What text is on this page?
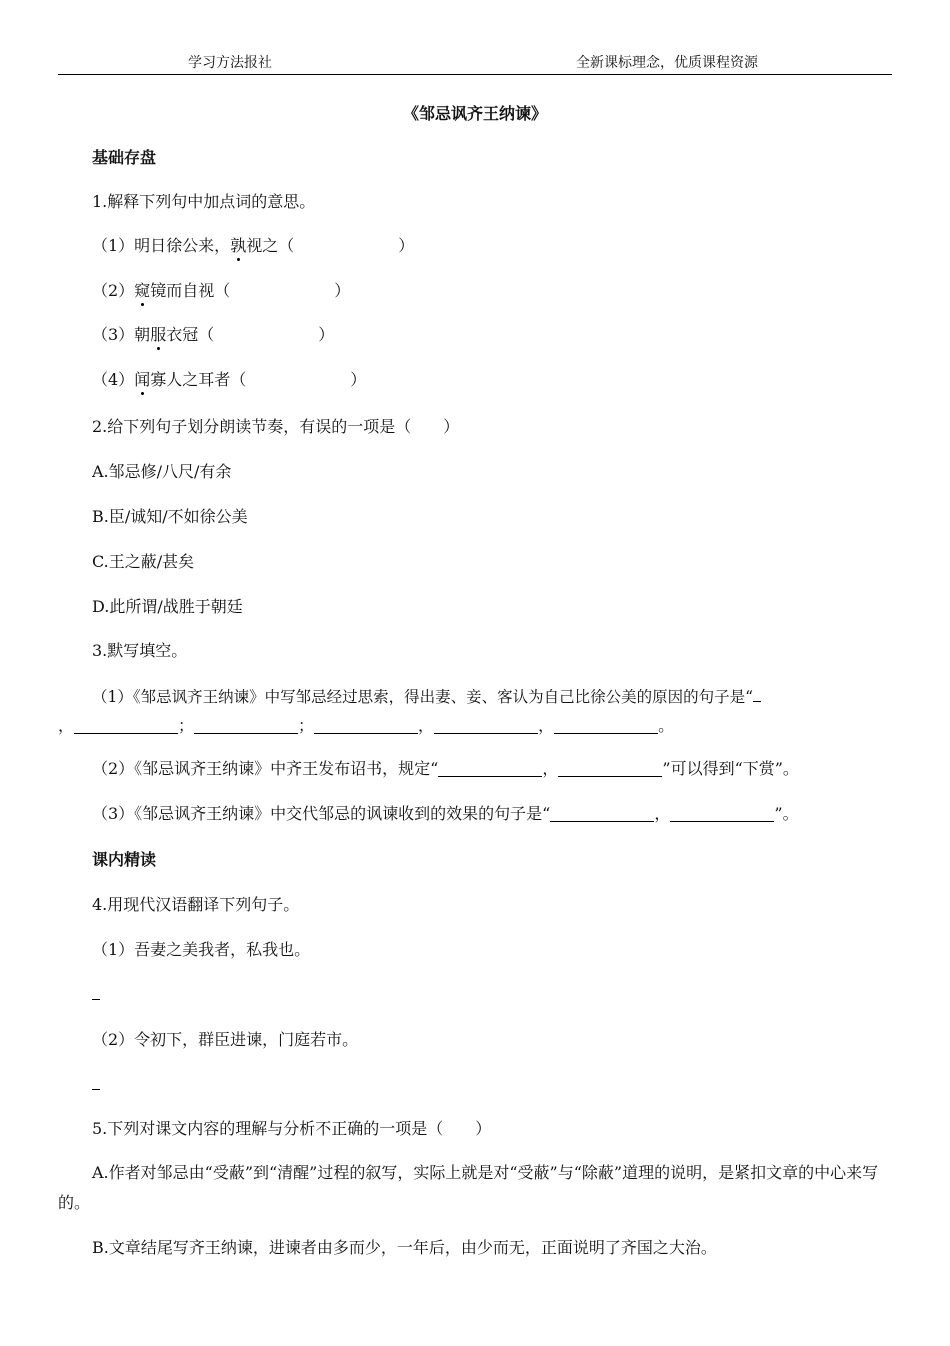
学习方法报社	全新课标理念，优质课程资源
《邹忌讽齐王纳谏》
基础存盘
1.解释下列句中加点词的意思。
（1）明日徐公来，孰视之（	）
（2）窥镜而自视（	）
（3）朝服衣冠（	）
（4）闻寡人之耳者（	）
2.给下列句子划分朗读节奏，有误的一项是（　　）
A.邹忌修/八尺/有余
B.臣/诚知/不如徐公美
C.王之蔽/甚矣
D.此所谓/战胜于朝廷
3.默写填空。
（1）《邹忌讽齐王纳谏》中写邹忌经过思索，得出妻、妾、客认为自己比徐公美的原因的句子是“
，	；	；	，	，	。
（2）《邹忌讽齐王纳谏》中齐王发布诏书，规定“	，	”可以得到“下赏”。
（3）《邹忌讽齐王纳谏》中交代邹忌的讽谏收到的效果的句子是“	，	”。
课内精读
4.用现代汉语翻译下列句子。
（1）吾妻之美我者，私我也。
（2）令初下，群臣进谏，门庭若市。
5.下列对课文内容的理解与分析不正确的一项是（　　）
A.作者对邹忌由“受蔽”到“清醒”过程的叙写，实际上就是对“受蔽”与“除蔽”道理的说明，是紧扣文章的中心来写的。
B.文章结尾写齐王纳谏，进谏者由多而少，一年后，由少而无，正面说明了齐国之大治。
